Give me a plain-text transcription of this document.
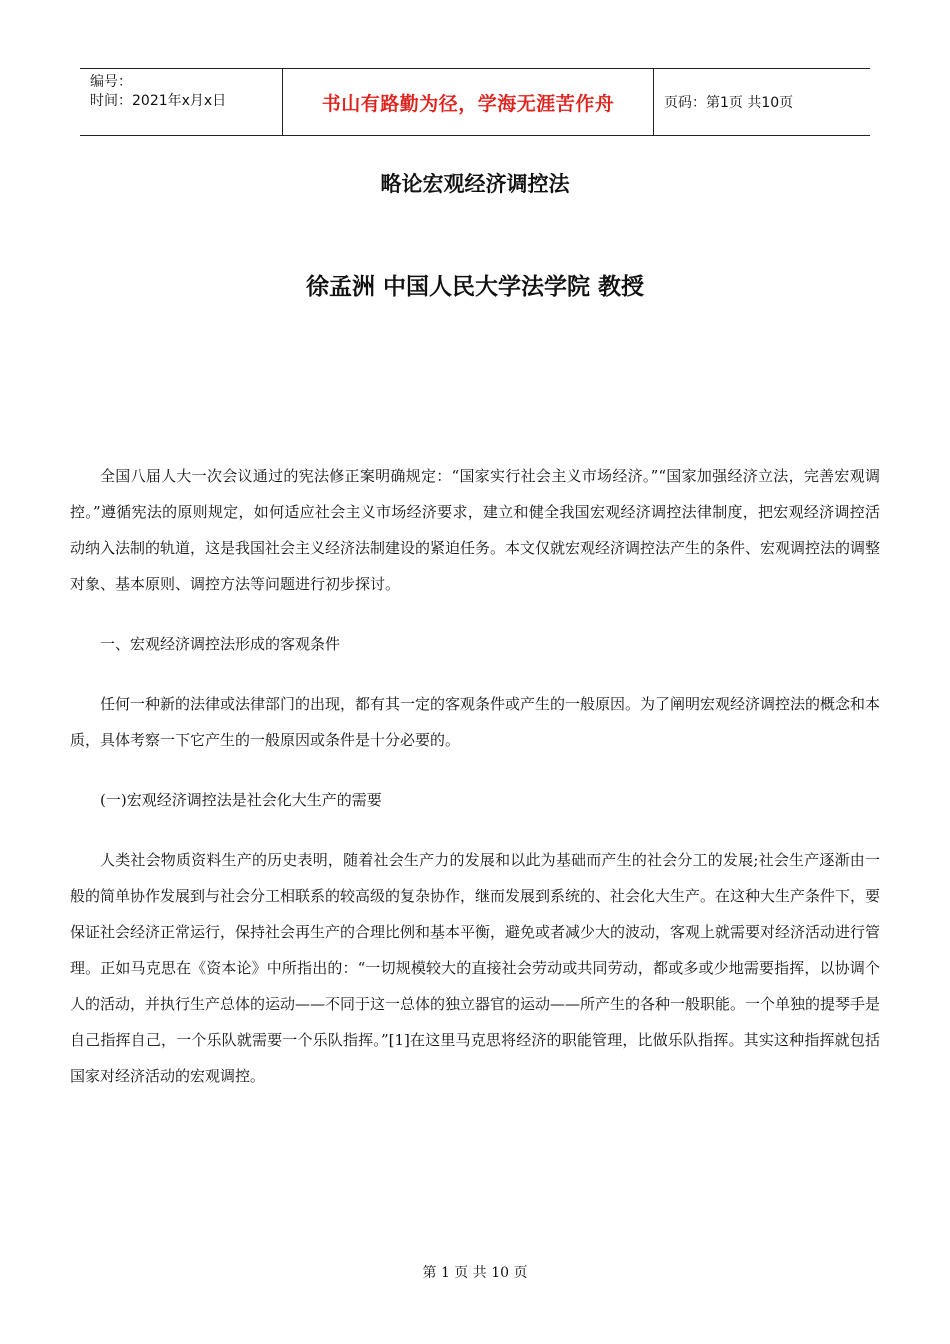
编号：
时间：2021年x月x日	书山有路勤为径，学海无涯苦作舟	页码：第1页 共10页
略论宏观经济调控法
徐孟洲 中国人民大学法学院 教授

全国八届人大一次会议通过的宪法修正案明确规定：“国家实行社会主义市场经济。”“国家加强经济立法，完善宏观调控。”遵循宪法的原则规定，如何适应社会主义市场经济要求，建立和健全我国宏观经济调控法律制度，把宏观经济调控活动纳入法制的轨道，这是我国社会主义经济法制建设的紧迫任务。本文仅就宏观经济调控法产生的条件、宏观调控法的调整对象、基本原则、调控方法等问题进行初步探讨。

一、宏观经济调控法形成的客观条件

任何一种新的法律或法律部门的出现，都有其一定的客观条件或产生的一般原因。为了阐明宏观经济调控法的概念和本质，具体考察一下它产生的一般原因或条件是十分必要的。

(一)宏观经济调控法是社会化大生产的需要

人类社会物质资料生产的历史表明，随着社会生产力的发展和以此为基础而产生的社会分工的发展;社会生产逐渐由一般的简单协作发展到与社会分工相联系的较高级的复杂协作，继而发展到系统的、社会化大生产。在这种大生产条件下，要保证社会经济正常运行，保持社会再生产的合理比例和基本平衡，避免或者减少大的波动，客观上就需要对经济活动进行管理。正如马克思在《资本论》中所指出的：“一切规模较大的直接社会劳动或共同劳动，都或多或少地需要指挥，以协调个人的活动，并执行生产总体的运动——不同于这一总体的独立器官的运动——所产生的各种一般职能。一个单独的提琴手是自己指挥自己，一个乐队就需要一个乐队指挥。”[1]在这里马克思将经济的职能管理，比做乐队指挥。其实这种指挥就包括国家对经济活动的宏观调控。

第 1 页 共 10 页
